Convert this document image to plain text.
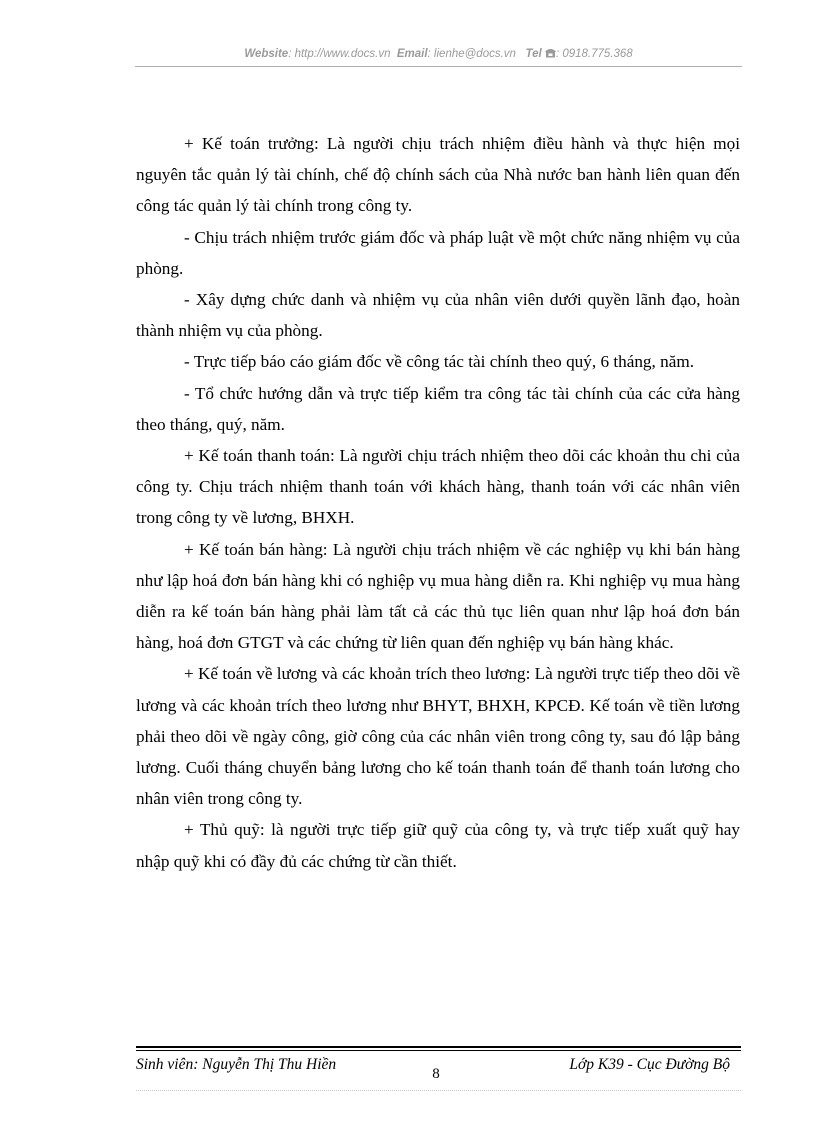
Website: http://www.docs.vn Email: lienhe@docs.vn Tel : 0918.775.368

+ Kế toán trưởng: Là người chịu trách nhiệm điều hành và thực hiện mọi nguyên tắc quản lý tài chính, chế độ chính sách của Nhà nước ban hành liên quan đến công tác quản lý tài chính trong công ty.

- Chịu trách nhiệm trước giám đốc và pháp luật về một chức năng nhiệm vụ của phòng.

- Xây dựng chức danh và nhiệm vụ của nhân viên dưới quyền lãnh đạo, hoàn thành nhiệm vụ của phòng.

- Trực tiếp báo cáo giám đốc về công tác tài chính theo quý, 6 tháng, năm.

- Tổ chức hướng dẫn và trực tiếp kiểm tra công tác tài chính của các cửa hàng theo tháng, quý, năm.

+ Kế toán thanh toán: Là người chịu trách nhiệm theo dõi các khoản thu chi của công ty. Chịu trách nhiệm thanh toán với khách hàng, thanh toán với các nhân viên trong công ty về lương, BHXH.

+ Kế toán bán hàng: Là người chịu trách nhiệm về các nghiệp vụ khi bán hàng như lập hoá đơn bán hàng khi có nghiệp vụ mua hàng diễn ra. Khi nghiệp vụ mua hàng diễn ra kế toán bán hàng phải làm tất cả các thủ tục liên quan như lập hoá đơn bán hàng, hoá đơn GTGT và các chứng từ liên quan đến nghiệp vụ bán hàng khác.

+ Kế toán về lương và các khoản trích theo lương: Là người trực tiếp theo dõi về lương và các khoản trích theo lương như BHYT, BHXH, KPCĐ. Kế toán về tiền lương phải theo dõi về ngày công, giờ công của các nhân viên trong công ty, sau đó lập bảng lương. Cuối tháng chuyển bảng lương cho kế toán thanh toán để thanh toán lương cho nhân viên trong công ty.

+ Thủ quỹ: là người trực tiếp giữ quỹ của công ty, và trực tiếp xuất quỹ hay nhập quỹ khi có đầy đủ các chứng từ cần thiết.

Sinh viên: Nguyễn Thị Thu Hiền
8
Lớp K39 - Cục Đường Bộ
